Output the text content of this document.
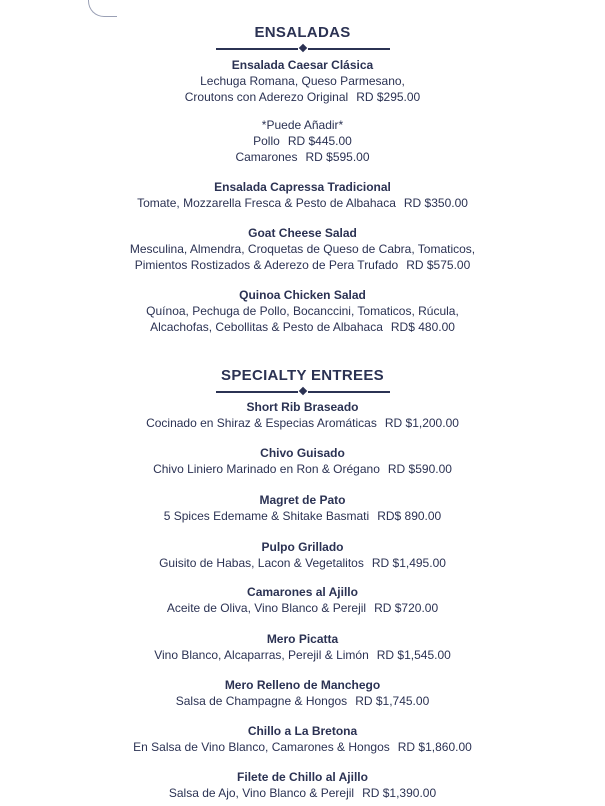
ENSALADAS
Ensalada Caesar Clásica
Lechuga Romana, Queso Parmesano,
Croutons con Aderezo Original RD $295.00
*Puede Añadir*
Pollo RD $445.00
Camarones RD $595.00
Ensalada Capressa Tradicional
Tomate, Mozzarella Fresca & Pesto de Albahaca RD $350.00
Goat Cheese Salad
Mesculina, Almendra, Croquetas de Queso de Cabra, Tomaticos,
Pimientos Rostizados & Aderezo de Pera Trufado RD $575.00
Quinoa Chicken Salad
Quínoa, Pechuga de Pollo, Bocanccini, Tomaticos, Rúcula,
Alcachofas, Cebollitas & Pesto de Albahaca RD$ 480.00
SPECIALTY ENTREES
Short Rib Braseado
Cocinado en Shiraz & Especias Aromáticas RD $1,200.00
Chivo Guisado
Chivo Liniero Marinado en Ron & Orégano RD $590.00
Magret de Pato
5 Spices Edemame & Shitake Basmati RD$ 890.00
Pulpo Grillado
Guisito de Habas, Lacon & Vegetalitos RD $1,495.00
Camarones al Ajillo
Aceite de Oliva, Vino Blanco & Perejil RD $720.00
Mero Picatta
Vino Blanco, Alcaparras, Perejil & Limón RD $1,545.00
Mero Relleno de Manchego
Salsa de Champagne & Hongos RD $1,745.00
Chillo a La Bretona
En Salsa de Vino Blanco, Camarones & Hongos RD $1,860.00
Filete de Chillo al Ajillo
Salsa de Ajo, Vino Blanco & Perejil RD $1,390.00
